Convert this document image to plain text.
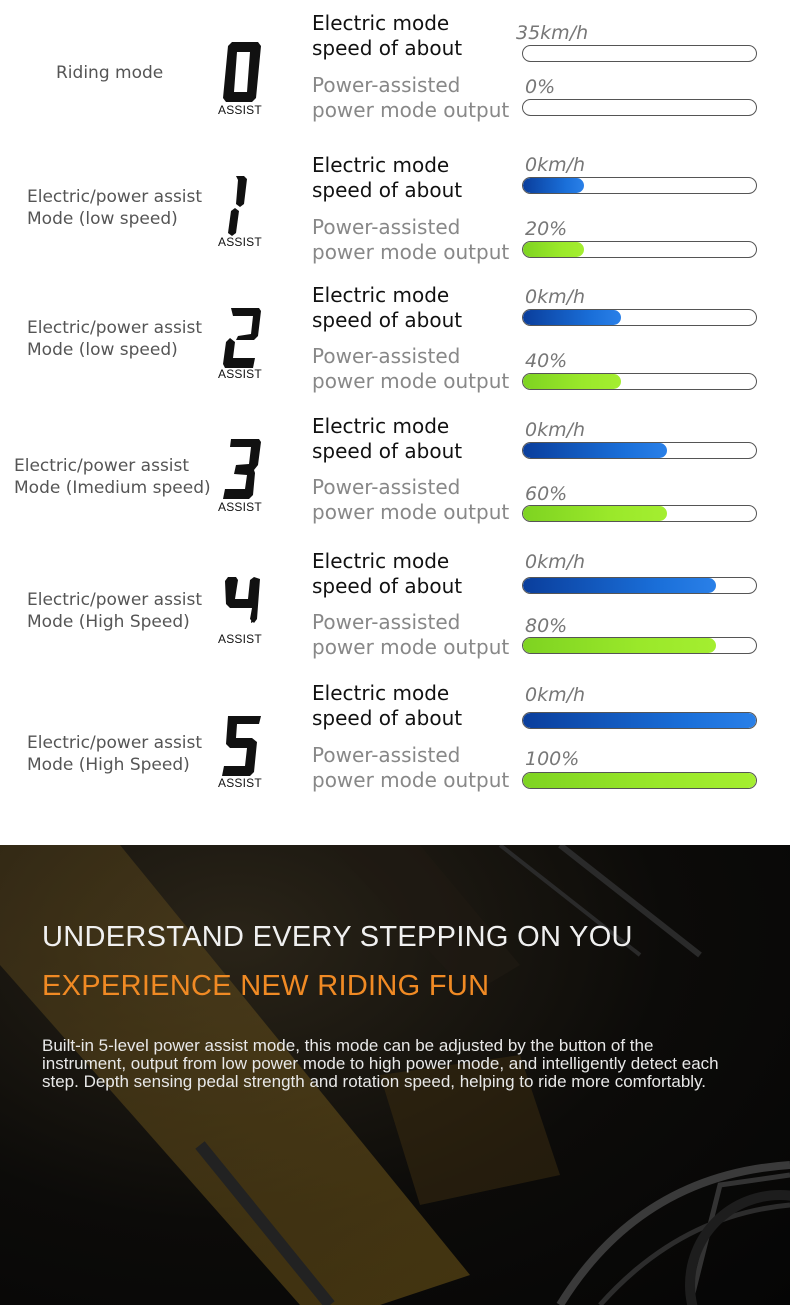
Riding mode
ASSIST
Electric mode
speed of about
35km/h
Power-assisted
power mode output
0%
Electric/power assist
Mode (low speed)
ASSIST
Electric mode
speed of about
0km/h
Power-assisted
power mode output
20%
Electric/power assist
Mode (low speed)
ASSIST
Electric mode
speed of about
0km/h
Power-assisted
power mode output
40%
Electric/power assist
Mode (Imedium speed)
ASSIST
Electric mode
speed of about
0km/h
Power-assisted
power mode output
60%
Electric/power assist
Mode (High Speed)
ASSIST
Electric mode
speed of about
0km/h
Power-assisted
power mode output
80%
Electric/power assist
Mode (High Speed)
ASSIST
Electric mode
speed of about
0km/h
Power-assisted
power mode output
100%
UNDERSTAND EVERY STEPPING ON YOU
EXPERIENCE NEW RIDING FUN
Built-in 5-level power assist mode, this mode can be adjusted by the button of the instrument, output from low power mode to high power mode, and intelligently detect each step. Depth sensing pedal strength and rotation speed, helping to ride more comfortably.
